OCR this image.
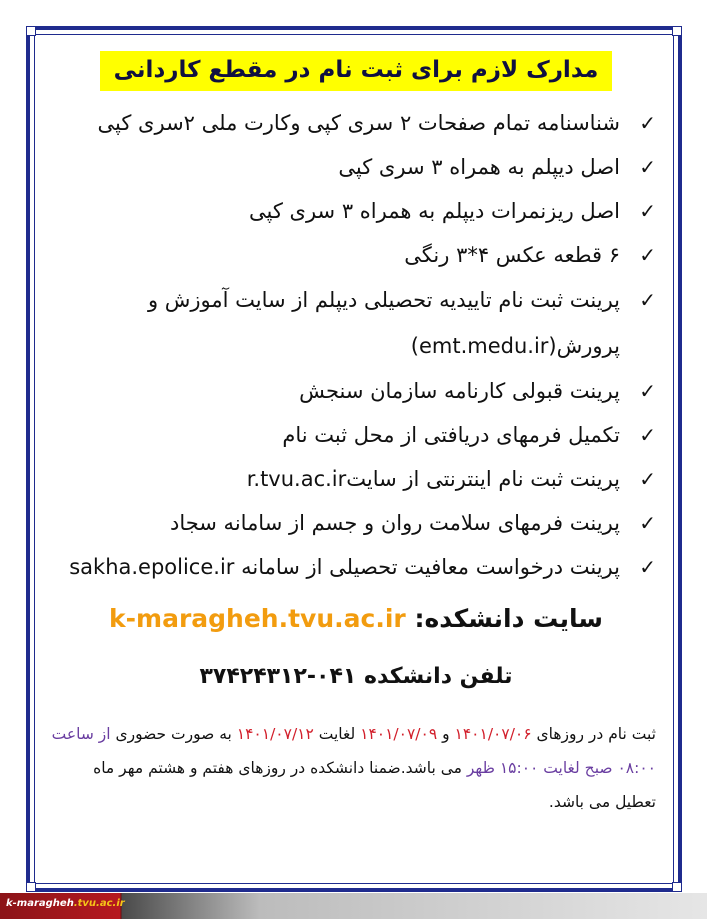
مدارک لازم برای ثبت نام در مقطع کاردانی
✓
شناسنامه تمام صفحات ۲ سری کپی وکارت ملی ۲سری کپی
✓
اصل دیپلم به همراه ۳ سری کپی
✓
اصل ریزنمرات دیپلم به همراه ۳ سری کپی
✓
۶ قطعه عکس ۴*۳ رنگی
✓
پرینت ثبت نام تاییدیه تحصیلی دیپلم از سایت آموزش و پرورش(emt.medu.ir)
✓
پرینت قبولی کارنامه سازمان سنجش
✓
تکمیل فرمهای دریافتی از محل ثبت نام
✓
پرینت ثبت نام اینترنتی از سایتr.tvu.ac.ir
✓
پرینت فرمهای سلامت روان و جسم از سامانه سجاد
✓
پرینت درخواست معافیت تحصیلی از سامانه sakha.epolice.ir
سایت دانشکده: k-maragheh.tvu.ac.ir
تلفن دانشکده ۰۴۱-۳۷۴۲۴۳۱۲
ثبت نام در روزهای ۱۴۰۱/۰۷/۰۶ و ۱۴۰۱/۰۷/۰۹ لغایت ۱۴۰۱/۰۷/۱۲ به صورت حضوری از ساعت ۰۸:۰۰ صبح لغایت ۱۵:۰۰ ظهر می باشد.ضمنا دانشکده در روزهای هفتم و هشتم مهر ماه تعطیل می باشد.
k-maragheh.tvu.ac.ir
